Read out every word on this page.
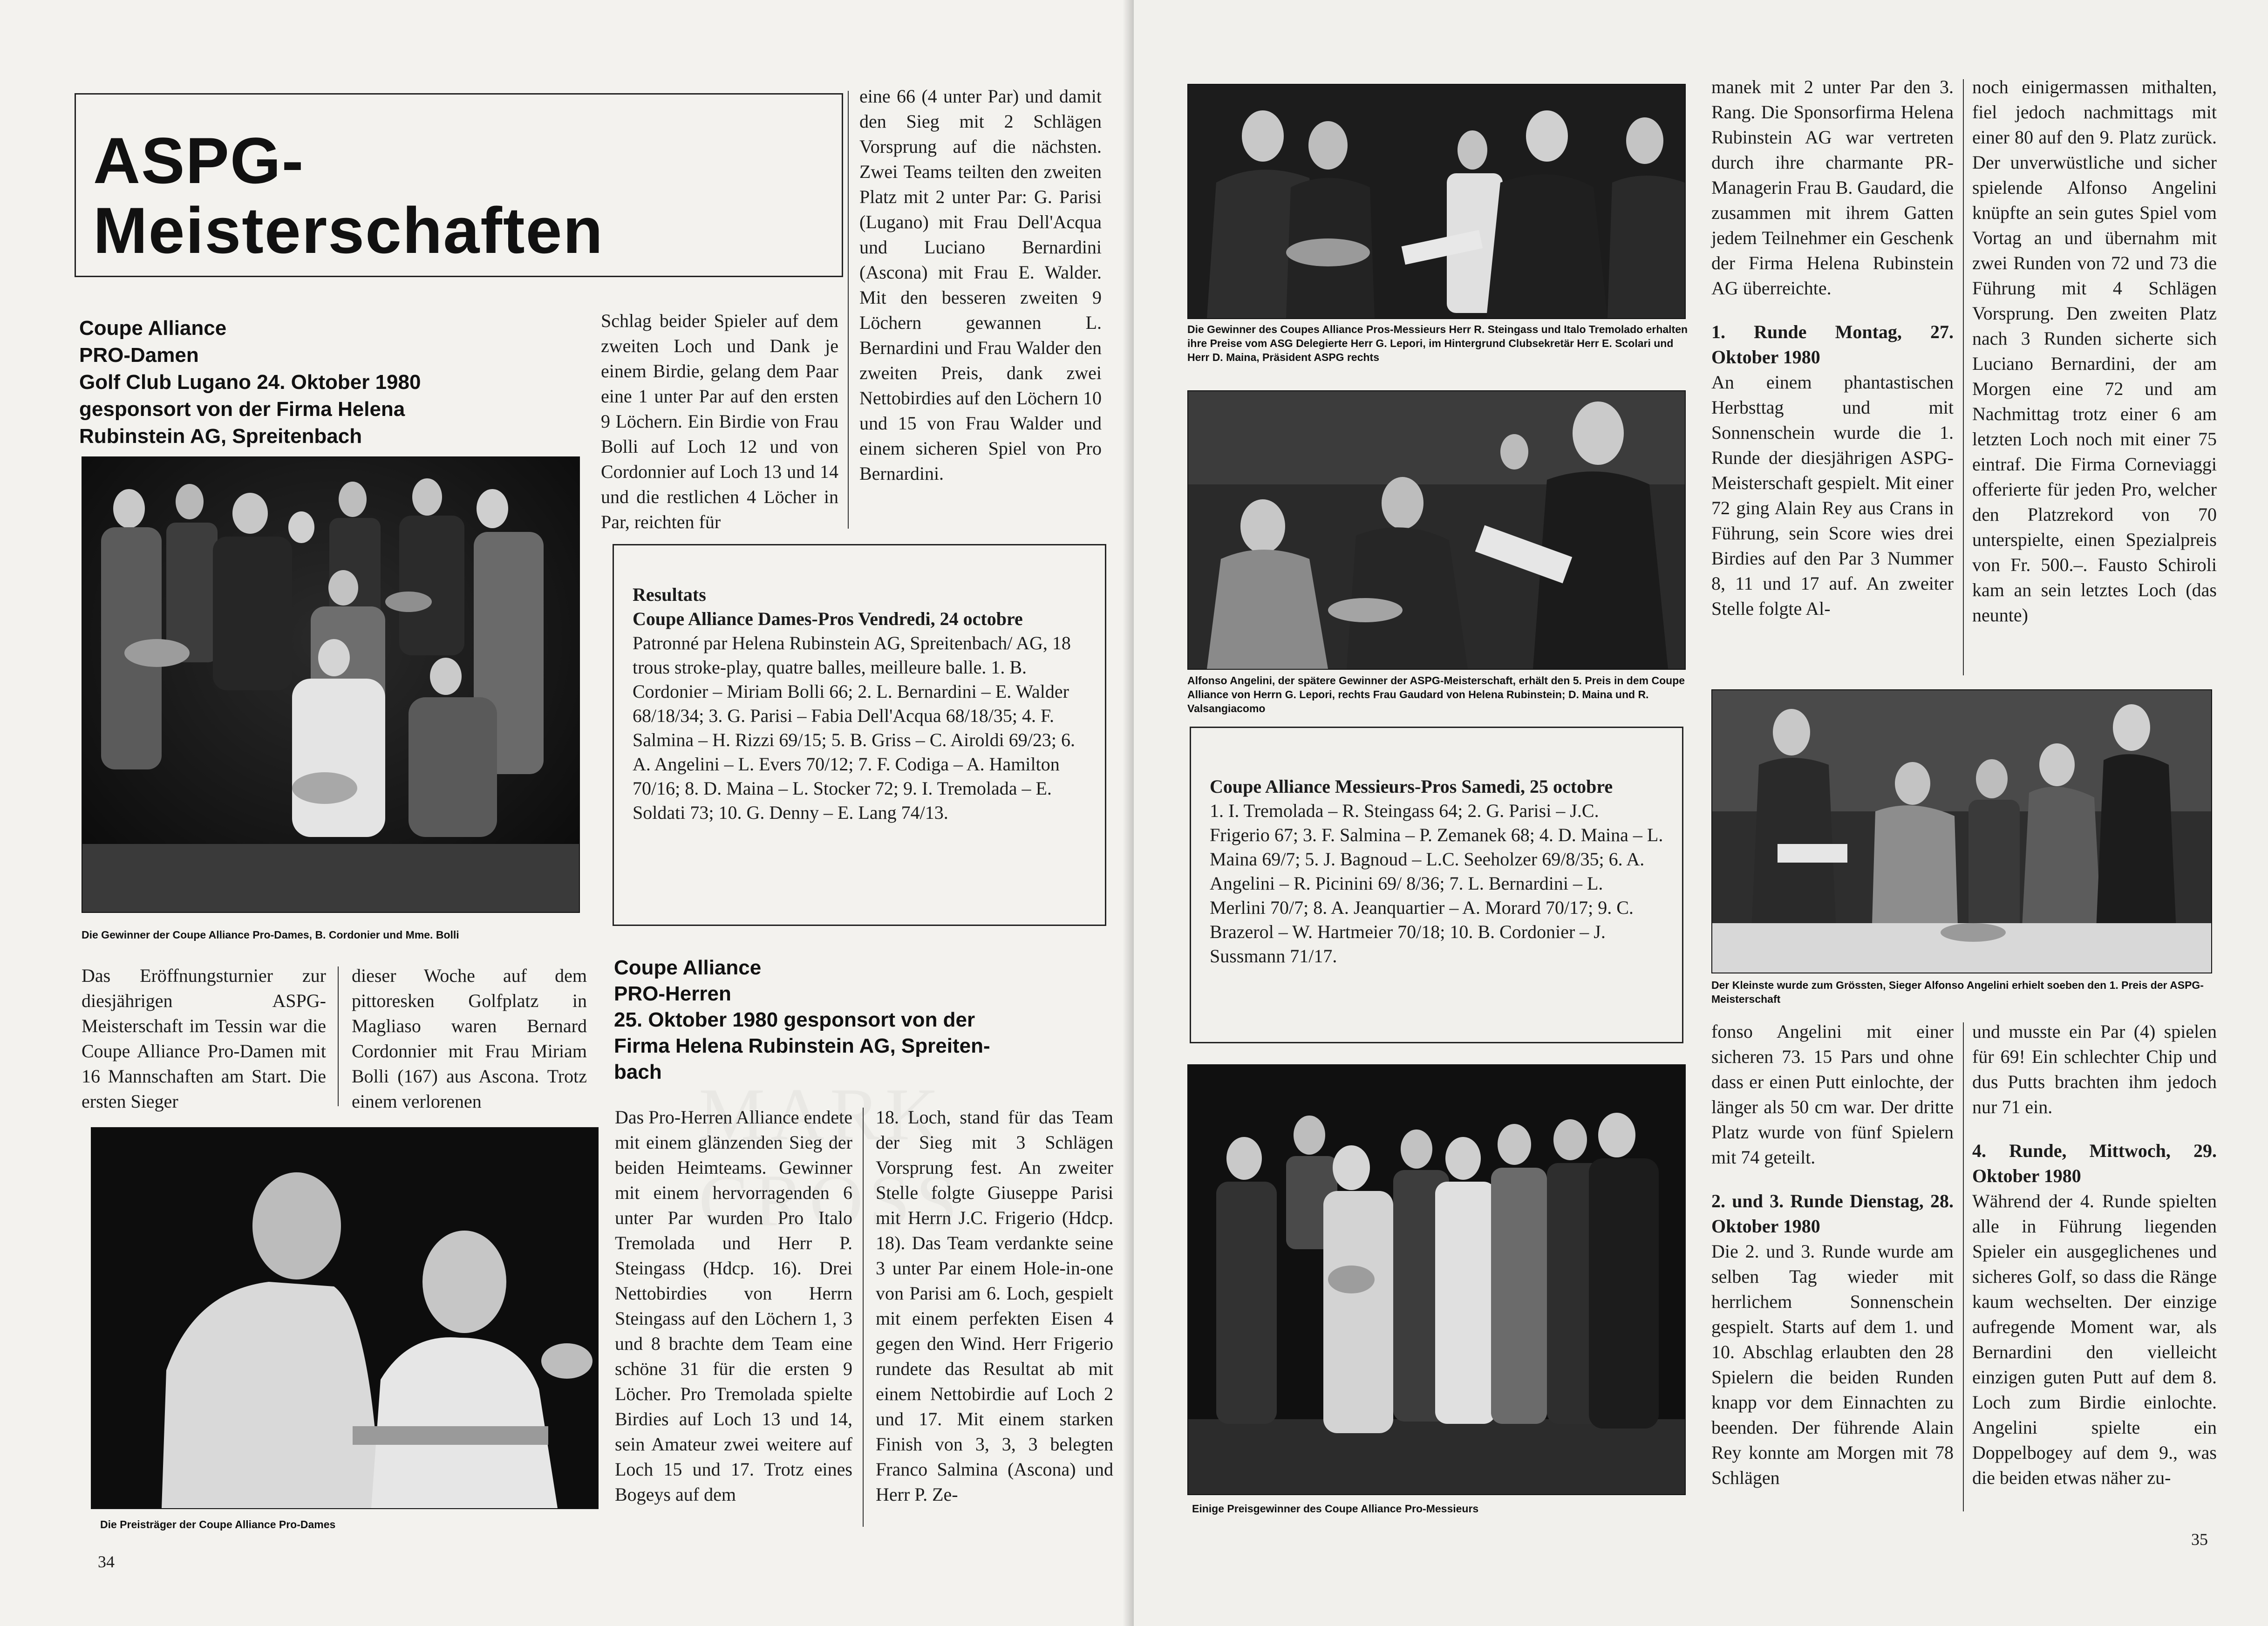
ASPG-
Meisterschaften
Coupe Alliance
PRO-Damen
Golf Club Lugano 24. Oktober 1980
gesponsort von der Firma Helena
Rubinstein AG, Spreitenbach
Die Gewinner der Coupe Alliance Pro-Dames, B. Cordonier und Mme. Bolli
Das Eröffnungsturnier zur diesjährigen ASPG-Meisterschaft im Tessin war die Coupe Alliance Pro-Damen mit 16 Mannschaften am Start. Die ersten Sieger
dieser Woche auf dem pittoresken Golfplatz in Magliaso waren Bernard Cordonnier mit Frau Miriam Bolli (167) aus Ascona. Trotz einem verlorenen
Die Preisträger der Coupe Alliance Pro-Dames
Schlag beider Spieler auf dem zweiten Loch und Dank je einem Birdie, gelang dem Paar eine 1 unter Par auf den ersten 9 Löchern. Ein Birdie von Frau Bolli auf Loch 12 und von Cordonnier auf Loch 13 und 14 und die restlichen 4 Löcher in Par, reichten für
eine 66 (4 unter Par) und damit den Sieg mit 2 Schlägen Vorsprung auf die nächsten. Zwei Teams teilten den zweiten Platz mit 2 unter Par: G. Parisi (Lugano) mit Frau Dell'Acqua und Luciano Bernardini (Ascona) mit Frau E. Walder. Mit den besseren zweiten 9 Löchern gewannen L. Bernardini und Frau Walder den zweiten Preis, dank zwei Nettobirdies auf den Löchern 10 und 15 von Frau Walder und einem sicheren Spiel von Pro Bernardini.
Resultats
Coupe Alliance Dames-Pros Vendredi, 24 octobre
Patronné par Helena Rubinstein AG, Spreitenbach/ AG, 18 trous stroke-play, quatre balles, meilleure balle. 1. B. Cordonier – Miriam Bolli 66; 2. L. Bernardini – E. Walder 68/18/34; 3. G. Parisi – Fabia Dell'Acqua 68/18/35; 4. F. Salmina – H. Rizzi 69/15; 5. B. Griss – C. Airoldi 69/23; 6. A. Angelini – L. Evers 70/12; 7. F. Codiga – A. Hamilton 70/16; 8. D. Maina – L. Stocker 72; 9. I. Tremolada – E. Soldati 73; 10. G. Denny – E. Lang 74/13.
Coupe Alliance
PRO-Herren
25. Oktober 1980 gesponsort von der
Firma Helena Rubinstein AG, Spreiten-
bach
Das Pro-Herren Alliance endete mit einem glänzenden Sieg der beiden Heimteams. Gewinner mit einem hervorragenden 6 unter Par wurden Pro Italo Tremolada und Herr P. Steingass (Hdcp. 16). Drei Nettobirdies von Herrn Steingass auf den Löchern 1, 3 und 8 brachte dem Team eine schöne 31 für die ersten 9 Löcher. Pro Tremolada spielte Birdies auf Loch 13 und 14, sein Amateur zwei weitere auf Loch 15 und 17. Trotz eines Bogeys auf dem
18. Loch, stand für das Team der Sieg mit 3 Schlägen Vorsprung fest. An zweiter Stelle folgte Giuseppe Parisi mit Herrn J.C. Frigerio (Hdcp. 18). Das Team verdankte seine 3 unter Par einem Hole-in-one von Parisi am 6. Loch, gespielt mit einem perfekten Eisen 4 gegen den Wind. Herr Frigerio rundete das Resultat ab mit einem Nettobirdie auf Loch 2 und 17. Mit einem starken Finish von 3, 3, 3 belegten Franco Salmina (Ascona) und Herr P. Ze-
34
Die Gewinner des Coupes Alliance Pros-Messieurs Herr R. Steingass und Italo Tremolado erhalten ihre Preise vom ASG Delegierte Herr G. Lepori, im Hintergrund Clubsekretär Herr E. Scolari und Herr D. Maina, Präsident ASPG rechts
Alfonso Angelini, der spätere Gewinner der ASPG-Meisterschaft, erhält den 5. Preis in dem Coupe Alliance von Herrn G. Lepori, rechts Frau Gaudard von Helena Rubinstein; D. Maina und R. Valsangiacomo
Coupe Alliance Messieurs-Pros Samedi, 25 octobre
1. I. Tremolada – R. Steingass 64; 2. G. Parisi – J.C. Frigerio 67; 3. F. Salmina – P. Zemanek 68; 4. D. Maina – L. Maina 69/7; 5. J. Bagnoud – L.C. Seeholzer 69/8/35; 6. A. Angelini – R. Picinini 69/ 8/36; 7. L. Bernardini – L. Merlini 70/7; 8. A. Jeanquartier – A. Morard 70/17; 9. C. Brazerol – W. Hartmeier 70/18; 10. B. Cordonier – J. Sussmann 71/17.
Einige Preisgewinner des Coupe Alliance Pro-Messieurs

manek mit 2 unter Par den 3. Rang. Die Sponsorfirma Helena Rubinstein AG war vertreten durch ihre charmante PR-Managerin Frau B. Gaudard, die zusammen mit ihrem Gatten jedem Teilnehmer ein Geschenk der Firma Helena Rubinstein AG überreichte.

1. Runde Montag, 27. Oktober 1980

An einem phantastischen Herbsttag und mit Sonnenschein wurde die 1. Runde der diesjährigen ASPG-Meisterschaft gespielt. Mit einer 72 ging Alain Rey aus Crans in Führung, sein Score wies drei Birdies auf den Par 3 Nummer 8, 11 und 17 auf. An zweiter Stelle folgte Al-

noch einigermassen mithalten, fiel jedoch nachmittags mit einer 80 auf den 9. Platz zurück. Der unverwüstliche und sicher spielende Alfonso Angelini knüpfte an sein gutes Spiel vom Vortag an und übernahm mit zwei Runden von 72 und 73 die Führung mit 4 Schlägen Vorsprung. Den zweiten Platz nach 3 Runden sicherte sich Luciano Bernardini, der am Morgen eine 72 und am Nachmittag trotz einer 6 am letzten Loch noch mit einer 75 eintraf. Die Firma Corneviaggi offerierte für jeden Pro, welcher den Platzrekord von 70 unterspielte, einen Spezialpreis von Fr. 500.–. Fausto Schiroli kam an sein letztes Loch (das neunte)
Der Kleinste wurde zum Grössten, Sieger Alfonso Angelini erhielt soeben den 1. Preis der ASPG-Meisterschaft

fonso Angelini mit einer sicheren 73. 15 Pars und ohne dass er einen Putt einlochte, der länger als 50 cm war. Der dritte Platz wurde von fünf Spielern mit 74 geteilt.

2. und 3. Runde Dienstag, 28. Oktober 1980

Die 2. und 3. Runde wurde am selben Tag wieder mit herrlichem Sonnenschein gespielt. Starts auf dem 1. und 10. Abschlag erlaubten den 28 Spielern die beiden Runden knapp vor dem Einnachten zu beenden. Der führende Alain Rey konnte am Morgen mit 78 Schlägen

und musste ein Par (4) spielen für 69! Ein schlechter Chip und dus Putts brachten ihm jedoch nur 71 ein.

4. Runde, Mittwoch, 29. Oktober 1980

Während der 4. Runde spielten alle in Führung liegenden Spieler ein ausgeglichenes und sicheres Golf, so dass die Ränge kaum wechselten. Der einzige aufregende Moment war, als Bernardini den vielleicht einzigen guten Putt auf dem 8. Loch zum Birdie einlochte. Angelini spielte ein Doppelbogey auf dem 9., was die beiden etwas näher zu-

35
